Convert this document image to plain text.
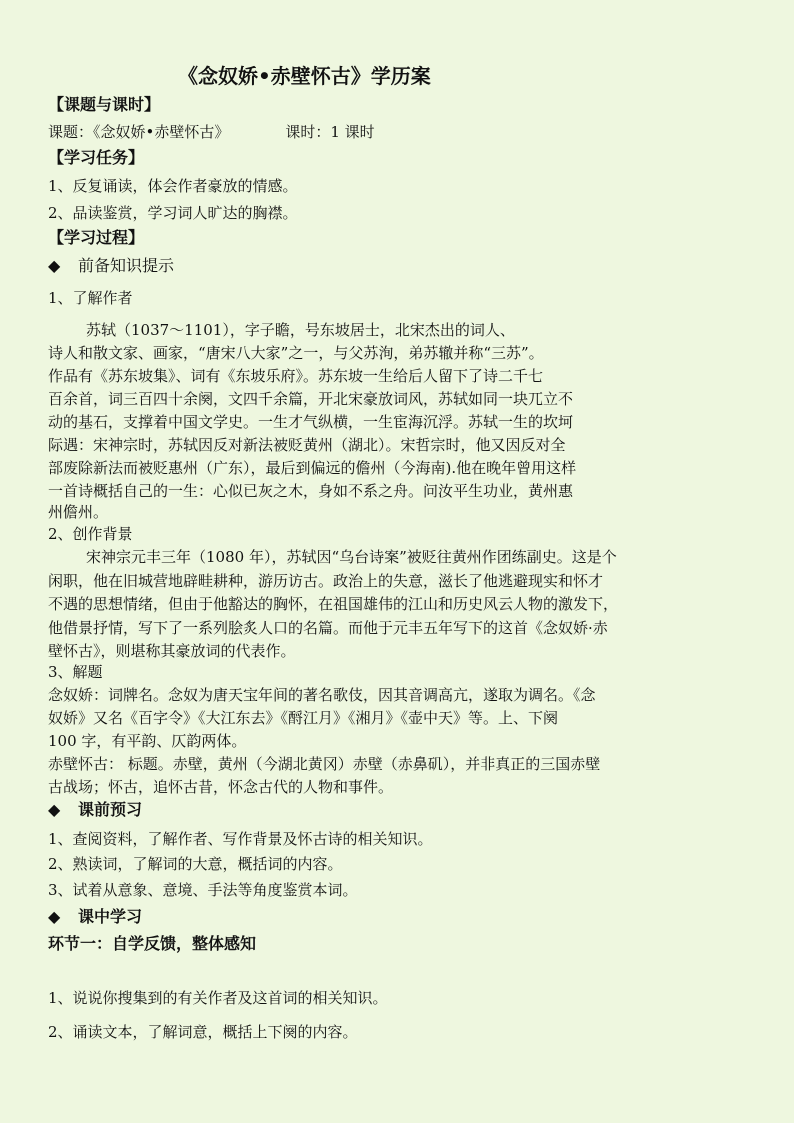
《念奴娇•赤壁怀古》学历案
【课题与课时】
课题：《念奴娇•赤壁怀古》	课时：1 课时
【学习任务】
1、反复诵读，体会作者豪放的情感。
2、品读鉴赏，学习词人旷达的胸襟。
【学习过程】
◆ 前备知识提示
1、了解作者
苏轼（1037～1101），字子瞻，号东坡居士，北宋杰出的词人、
诗人和散文家、画家，“唐宋八大家”之一，与父苏洵，弟苏辙并称“三苏”。
作品有《苏东坡集》、词有《东坡乐府》。苏东坡一生给后人留下了诗二千七
百余首，词三百四十余阕，文四千余篇，开北宋豪放词风，苏轼如同一块兀立不
动的基石，支撑着中国文学史。一生才气纵横，一生宦海沉浮。苏轼一生的坎坷
际遇：宋神宗时，苏轼因反对新法被贬黄州（湖北）。宋哲宗时，他又因反对全
部废除新法而被贬惠州（广东），最后到偏远的儋州（今海南).他在晚年曾用这样
一首诗概括自己的一生：心似已灰之木，身如不系之舟。问汝平生功业，黄州惠
州儋州。
2、创作背景
宋神宗元丰三年（1080 年），苏轼因“乌台诗案”被贬往黄州作团练副史。这是个
闲职，他在旧城营地辟畦耕种，游历访古。政治上的失意，滋长了他逃避现实和怀才
不遇的思想情绪，但由于他豁达的胸怀，在祖国雄伟的江山和历史风云人物的激发下，
他借景抒情，写下了一系列脍炙人口的名篇。而他于元丰五年写下的这首《念奴娇·赤
壁怀古》，则堪称其豪放词的代表作。
3、解题
念奴娇：词牌名。念奴为唐天宝年间的著名歌伎，因其音调高亢，遂取为调名。《念
奴娇》又名《百字令》《大江东去》《酹江月》《湘月》《壶中天》等。上、下阕
100 字，有平韵、仄韵两体。
赤壁怀古： 标题。赤壁，黄州（今湖北黄冈）赤壁（赤鼻矶），并非真正的三国赤壁
古战场；怀古，追怀古昔，怀念古代的人物和事件。
◆ 课前预习
1、查阅资料，了解作者、写作背景及怀古诗的相关知识。
2、熟读词，了解词的大意，概括词的内容。
3、试着从意象、意境、手法等角度鉴赏本词。
◆ 课中学习
环节一：自学反馈，整体感知
1、说说你搜集到的有关作者及这首词的相关知识。
2、诵读文本，了解词意，概括上下阕的内容。
